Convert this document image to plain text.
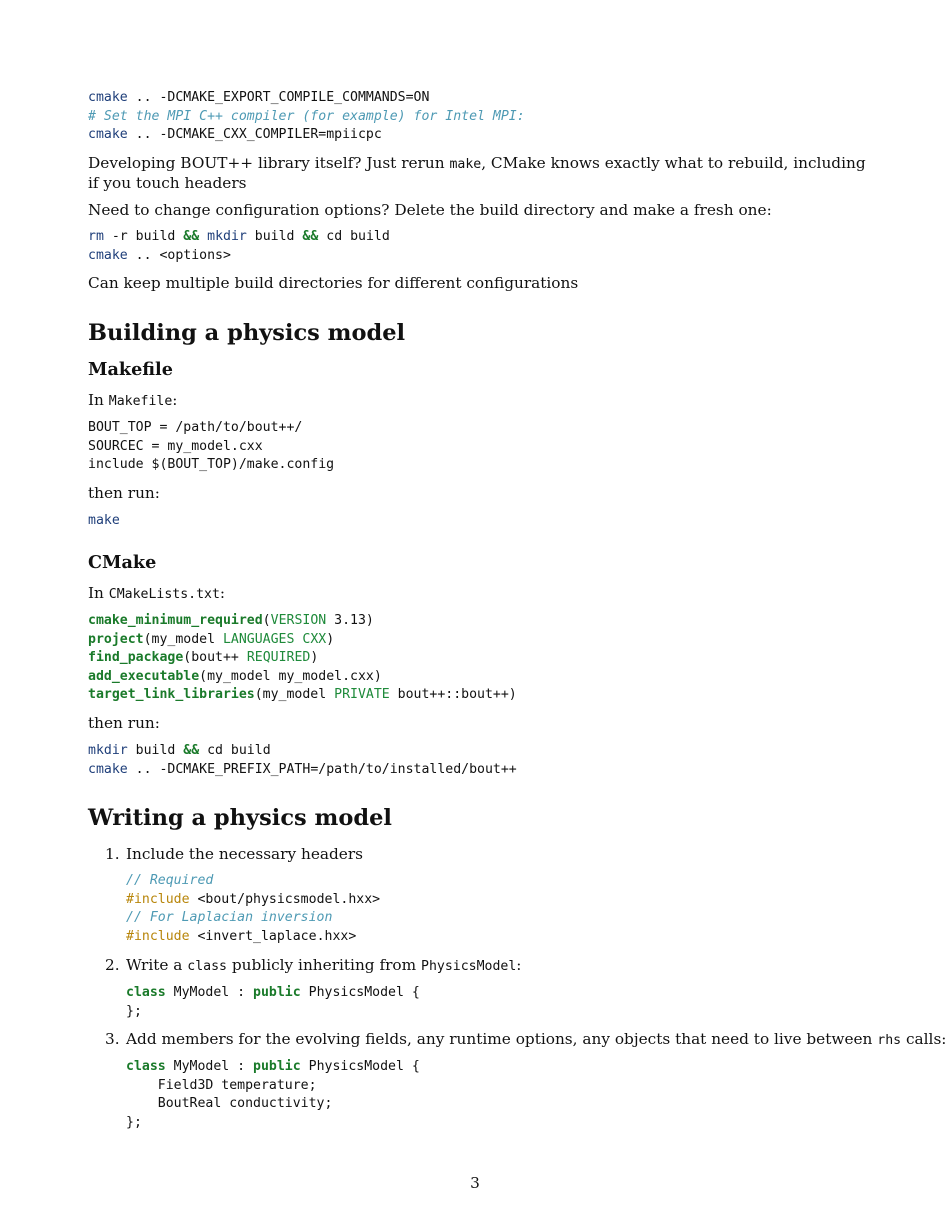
cmake .. -DCMAKE_EXPORT_COMPILE_COMMANDS=ON
# Set the MPI C++ compiler (for example) for Intel MPI:
cmake .. -DCMAKE_CXX_COMPILER=mpiicpc

Developing BOUT++ library itself? Just rerun make, CMake knows exactly what to rebuild, including if you touch headers

Need to change configuration options? Delete the build directory and make a fresh one:

rm -r build && mkdir build && cd build
cmake .. <options>

Can keep multiple build directories for different configurations

Building a physics model
Makefile

In Makefile:

BOUT_TOP = /path/to/bout++/
SOURCEC = my_model.cxx
include $(BOUT_TOP)/make.config

then run:

make
CMake

In CMakeLists.txt:

cmake_minimum_required(VERSION 3.13)
project(my_model LANGUAGES CXX)
find_package(bout++ REQUIRED)
add_executable(my_model my_model.cxx)
target_link_libraries(my_model PRIVATE bout++::bout++)

then run:

mkdir build && cd build
cmake .. -DCMAKE_PREFIX_PATH=/path/to/installed/bout++
Writing a physics model
1. Include the necessary headers

// Required
#include <bout/physicsmodel.hxx>
// For Laplacian inversion
#include <invert_laplace.hxx>
2. Write a class publicly inheriting from PhysicsModel:

class MyModel : public PhysicsModel {
};
3. Add members for the evolving fields, any runtime options, any objects that need to live between rhs calls:

class MyModel : public PhysicsModel {
Field3D temperature;
BoutReal conductivity;
};
3
